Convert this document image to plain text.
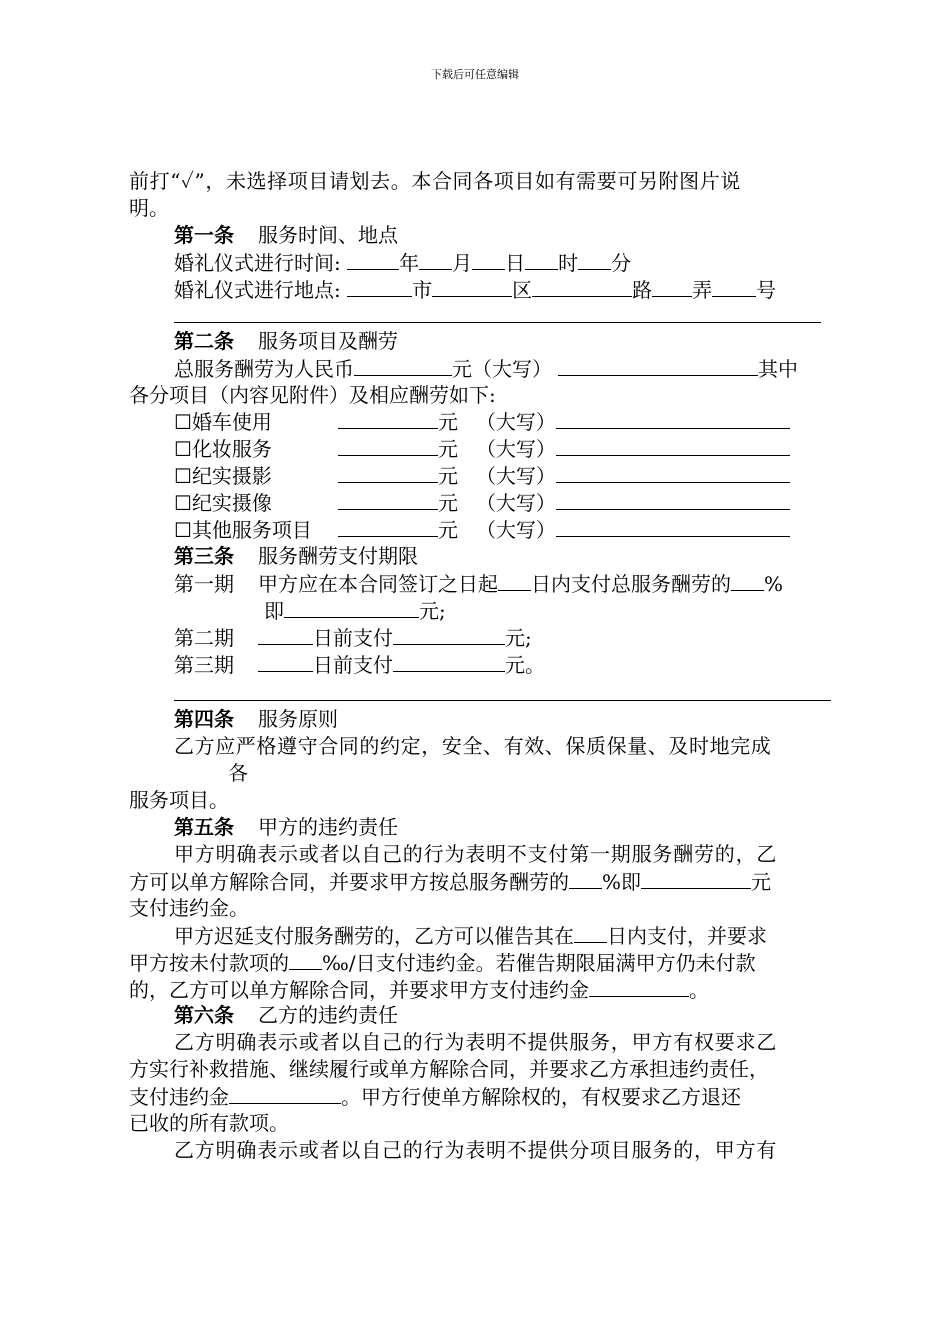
下载后可任意编辑
前打“✓”，未选择项目请划去。本合同各项目如有需要可另附图片说
明。
第一条 服务时间、地点
婚礼仪式进行时间:	年 月 日 时 分
婚礼仪式进行地点:	市	区	路 弄 号
第二条 服务项目及酬劳
总服务酬劳为人民币	元（大写）	其中
各分项目（内容见附件）及相应酬劳如下:
☐婚车使用	元 （大写）
☐化妆服务	元 （大写）
☐纪实摄影	元 （大写）
☐纪实摄像	元 （大写）
☐其他服务项目	元 （大写）
第三条 服务酬劳支付期限
第一期 甲方应在本合同签订之日起 日内支付总服务酬劳的 %
即	元;
第二期	日前支付	元;
第三期	日前支付	元。
第四条 服务原则
乙方应严格遵守合同的约定，安全、有效、保质保量、及时地完成
各
服务项目。
第五条 甲方的违约责任
甲方明确表示或者以自己的行为表明不支付第一期服务酬劳的，乙
方可以单方解除合同，并要求甲方按总服务酬劳的 %即	元
支付违约金。
甲方迟延支付服务酬劳的，乙方可以催告其在 日内支付，并要求
甲方按未付款项的 ‰/日支付违约金。若催告期限届满甲方仍未付款
的，乙方可以单方解除合同，并要求甲方支付违约金	。
第六条 乙方的违约责任
乙方明确表示或者以自己的行为表明不提供服务，甲方有权要求乙
方实行补救措施、继续履行或单方解除合同，并要求乙方承担违约责任，
支付违约金	。甲方行使单方解除权的，有权要求乙方退还
已收的所有款项。
乙方明确表示或者以自己的行为表明不提供分项目服务的，甲方有
